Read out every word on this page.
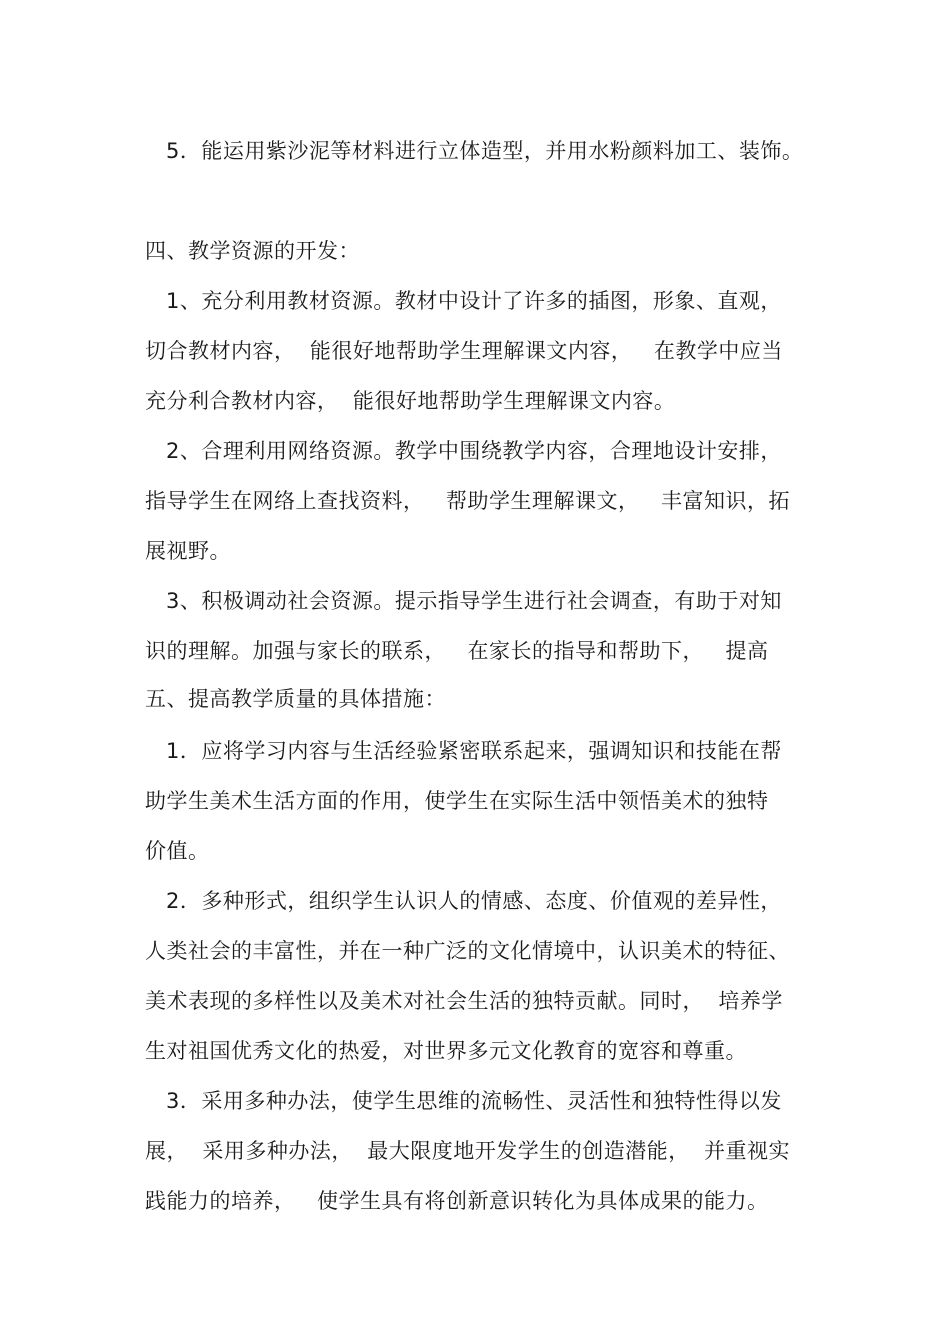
5．能运用紫沙泥等材料进行立体造型，并用水粉颜料加工、装饰。
四、教学资源的开发：
1、充分利用教材资源。教材中设计了许多的插图，形象、直观，
切合教材内容，  能很好地帮助学生理解课文内容，   在教学中应当
充分利合教材内容，  能很好地帮助学生理解课文内容。
2、合理利用网络资源。教学中围绕教学内容，合理地设计安排，
指导学生在网络上查找资料，   帮助学生理解课文，   丰富知识，拓
展视野。
3、积极调动社会资源。提示指导学生进行社会调查，有助于对知
识的理解。加强与家长的联系，   在家长的指导和帮助下，   提高
五、提高教学质量的具体措施：
1．应将学习内容与生活经验紧密联系起来，强调知识和技能在帮
助学生美术生活方面的作用，使学生在实际生活中领悟美术的独特
价值。
2．多种形式，组织学生认识人的情感、态度、价值观的差异性，
人类社会的丰富性，并在一种广泛的文化情境中，认识美术的特征、
美术表现的多样性以及美术对社会生活的独特贡献。同时，  培养学
生对祖国优秀文化的热爱，对世界多元文化教育的宽容和尊重。
3．采用多种办法，使学生思维的流畅性、灵活性和独特性得以发
展，  采用多种办法，  最大限度地开发学生的创造潜能，  并重视实
践能力的培养，   使学生具有将创新意识转化为具体成果的能力。
